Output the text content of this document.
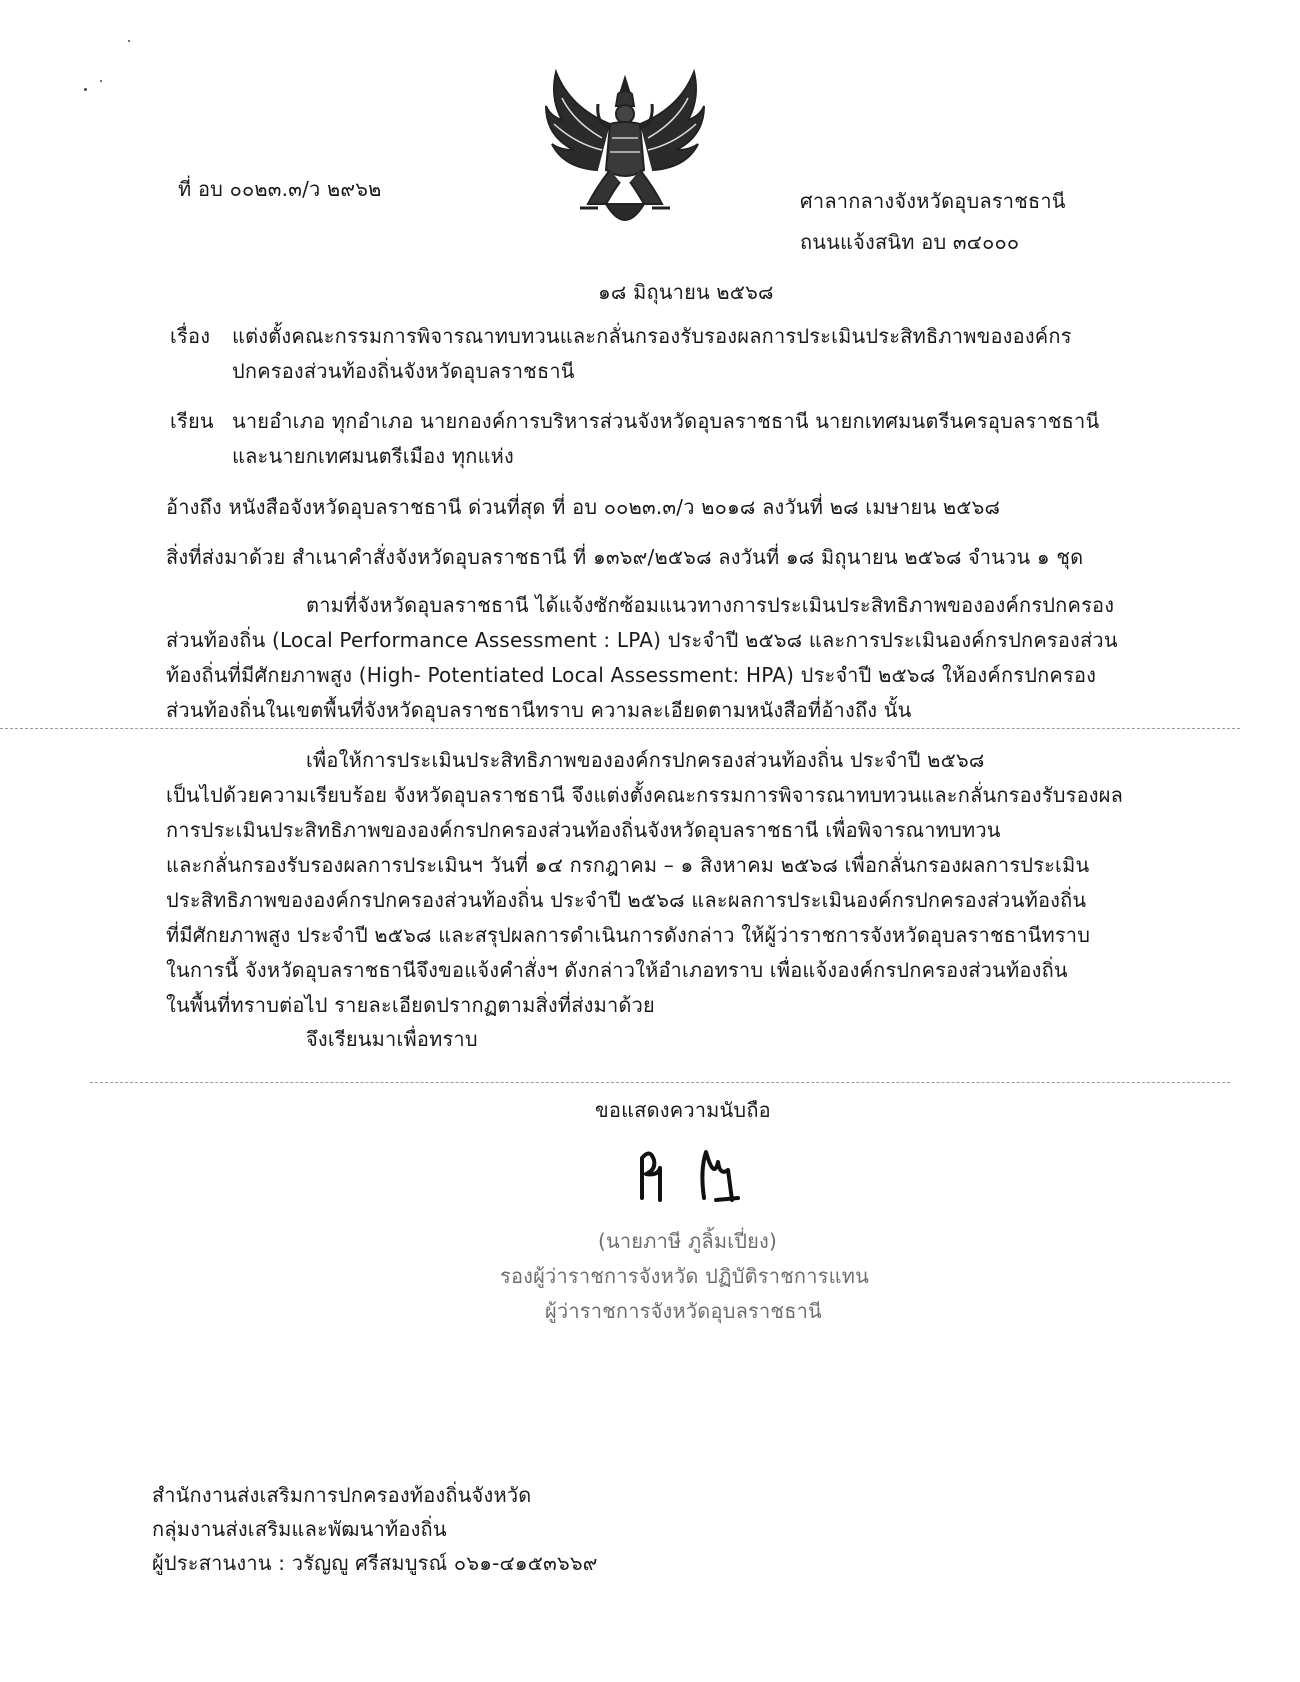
ที่ อบ ๐๐๒๓.๓/ว ๒๙๖๒	ศาลากลางจังหวัดอุบลราชธานี
ถนนแจ้งสนิท อบ ๓๔๐๐๐
๑๘ มิถุนายน ๒๕๖๘
เรื่อง แต่งตั้งคณะกรรมการพิจารณาทบทวนและกลั่นกรองรับรองผลการประเมินประสิทธิภาพขององค์กร
ปกครองส่วนท้องถิ่นจังหวัดอุบลราชธานี
เรียน นายอำเภอ ทุกอำเภอ นายกองค์การบริหารส่วนจังหวัดอุบลราชธานี นายกเทศมนตรีนครอุบลราชธานี
และนายกเทศมนตรีเมือง ทุกแห่ง
อ้างถึง หนังสือจังหวัดอุบลราชธานี ด่วนที่สุด ที่ อบ ๐๐๒๓.๓/ว ๒๐๑๘ ลงวันที่ ๒๘ เมษายน ๒๕๖๘
สิ่งที่ส่งมาด้วย สำเนาคำสั่งจังหวัดอุบลราชธานี ที่ ๑๓๖๙/๒๕๖๘ ลงวันที่ ๑๘ มิถุนายน ๒๕๖๘ จำนวน ๑ ชุด
ตามที่จังหวัดอุบลราชธานี ได้แจ้งซักซ้อมแนวทางการประเมินประสิทธิภาพขององค์กรปกครอง
ส่วนท้องถิ่น (Local Performance Assessment : LPA) ประจำปี ๒๕๖๘ และการประเมินองค์กรปกครองส่วน
ท้องถิ่นที่มีศักยภาพสูง (High- Potentiated Local Assessment: HPA) ประจำปี ๒๕๖๘ ให้องค์กรปกครอง
ส่วนท้องถิ่นในเขตพื้นที่จังหวัดอุบลราชธานีทราบ ความละเอียดตามหนังสือที่อ้างถึง นั้น
เพื่อให้การประเมินประสิทธิภาพขององค์กรปกครองส่วนท้องถิ่น ประจำปี ๒๕๖๘
เป็นไปด้วยความเรียบร้อย จังหวัดอุบลราชธานี จึงแต่งตั้งคณะกรรมการพิจารณาทบทวนและกลั่นกรองรับรองผล
การประเมินประสิทธิภาพขององค์กรปกครองส่วนท้องถิ่นจังหวัดอุบลราชธานี เพื่อพิจารณาทบทวน
และกลั่นกรองรับรองผลการประเมินฯ วันที่ ๑๔ กรกฎาคม – ๑ สิงหาคม ๒๕๖๘ เพื่อกลั่นกรองผลการประเมิน
ประสิทธิภาพขององค์กรปกครองส่วนท้องถิ่น ประจำปี ๒๕๖๘ และผลการประเมินองค์กรปกครองส่วนท้องถิ่น
ที่มีศักยภาพสูง ประจำปี ๒๕๖๘ และสรุปผลการดำเนินการดังกล่าว ให้ผู้ว่าราชการจังหวัดอุบลราชธานีทราบ
ในการนี้ จังหวัดอุบลราชธานีจึงขอแจ้งคำสั่งฯ ดังกล่าวให้อำเภอทราบ เพื่อแจ้งองค์กรปกครองส่วนท้องถิ่น
ในพื้นที่ทราบต่อไป รายละเอียดปรากฏตามสิ่งที่ส่งมาด้วย
จึงเรียนมาเพื่อทราบ
ขอแสดงความนับถือ
(นายภาษี ภูลิ้มเปี่ยง)
รองผู้ว่าราชการจังหวัด ปฏิบัติราชการแทน
ผู้ว่าราชการจังหวัดอุบลราชธานี
สำนักงานส่งเสริมการปกครองท้องถิ่นจังหวัด
กลุ่มงานส่งเสริมและพัฒนาท้องถิ่น
ผู้ประสานงาน : วรัญญู ศรีสมบูรณ์ ๐๖๑-๔๑๕๓๖๖๙
